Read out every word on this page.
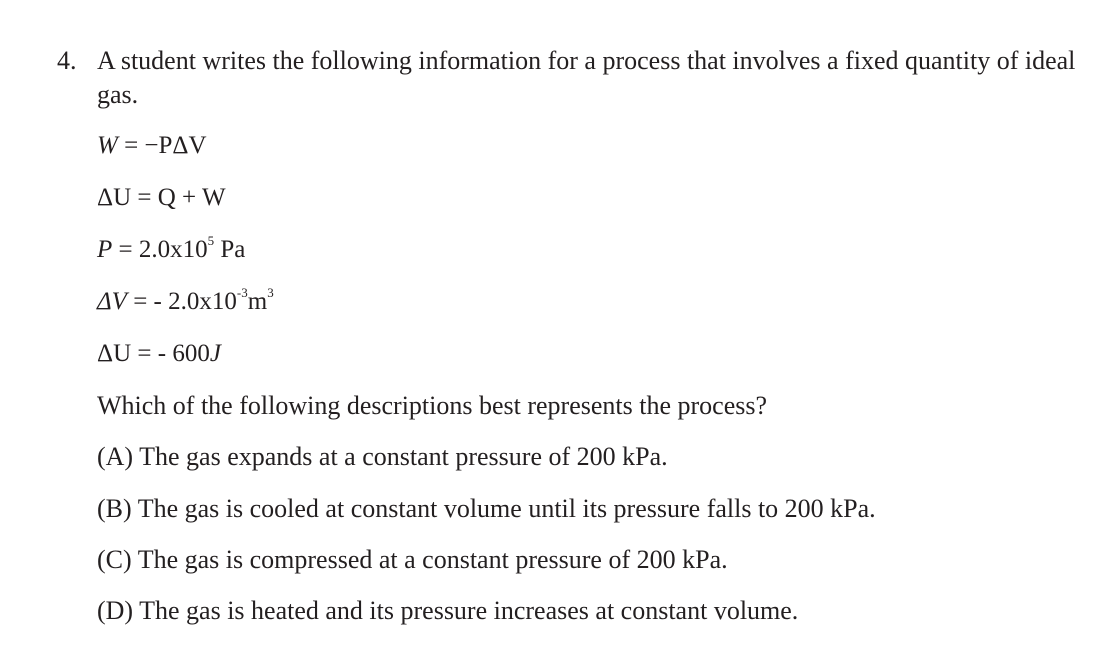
4. A student writes the following information for a process that involves a fixed quantity of ideal gas.
W = −PΔV
ΔU = Q + W
$P = 2.0x10^5$ Pa
ΔV = - $2.0x10^{-3}m^3$
ΔU = - 600J
Which of the following descriptions best represents the process?
(A) The gas expands at a constant pressure of 200 kPa.
(B) The gas is cooled at constant volume until its pressure falls to 200 kPa.
(C) The gas is compressed at a constant pressure of 200 kPa.
(D) The gas is heated and its pressure increases at constant volume.
